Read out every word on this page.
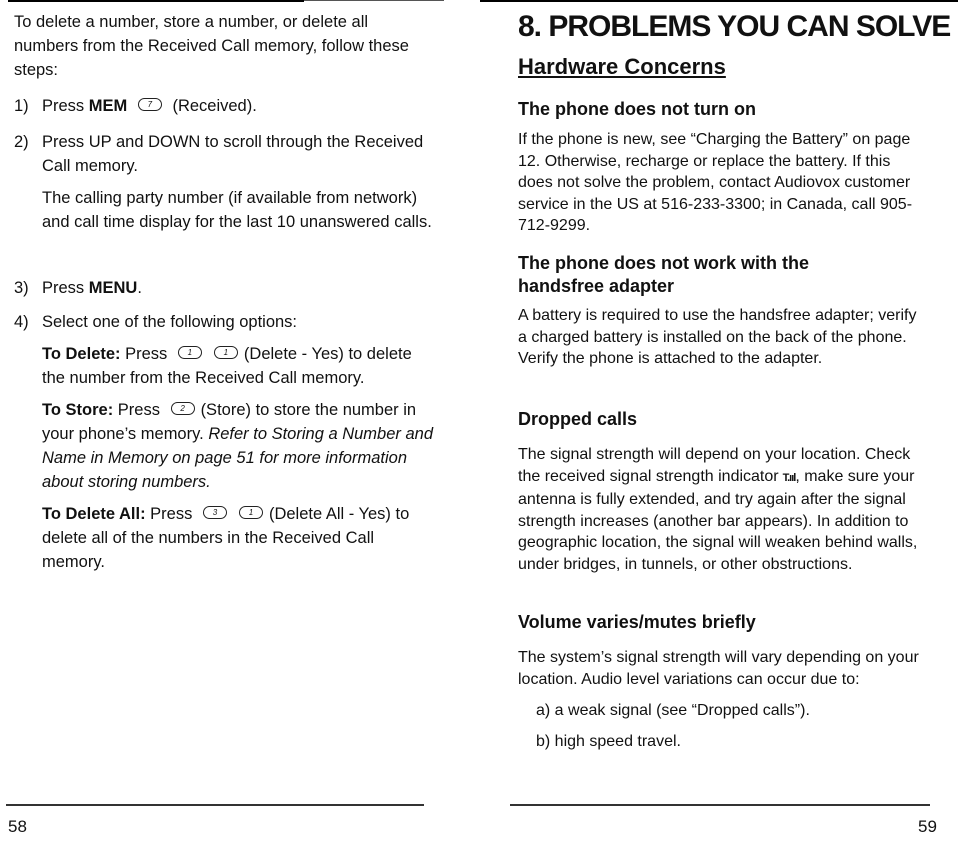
To delete a number, store a number, or delete all numbers from the Received Call memory, follow these steps:

1) Press MEM	7 (Received).
2) Press UP and DOWN to scroll through the Received Call memory.
The calling party number (if available from network) and call time display for the last 10 unanswered calls.
3) Press MENU.
4) Select one of the following options:
To Delete: Press	1	1 (Delete - Yes) to delete the number from the Received Call memory.
To Store: Press	2 (Store) to store the number in your phone’s memory. Refer to Storing a Number and Name in Memory on page 51 for more information about storing numbers.
To Delete All: Press	3	1 (Delete All - Yes) to delete all of the numbers in the Received Call memory.
58
8. PROBLEMS YOU CAN SOLVE
Hardware Concerns
The phone does not turn on

If the phone is new, see “Charging the Battery” on page 12. Otherwise, recharge or replace the battery. If this does not solve the problem, contact Audiovox customer service in the US at 516-233-3300; in Canada, call 905-712-9299.

The phone does not work with the handsfree adapter

A battery is required to use the handsfree adapter; verify a charged battery is installed on the back of the phone. Verify the phone is attached to the adapter.

Dropped calls

The signal strength will depend on your location. Check the received signal strength indicator T.ııl, make sure your antenna is fully extended, and try again after the signal strength increases (another bar appears). In addition to geographic location, the signal will weaken behind walls, under bridges, in tunnels, or other obstructions.

Volume varies/mutes briefly

The system’s signal strength will vary depending on your location. Audio level variations can occur due to:

a) a weak signal (see “Dropped calls”).
b) high speed travel.
59
